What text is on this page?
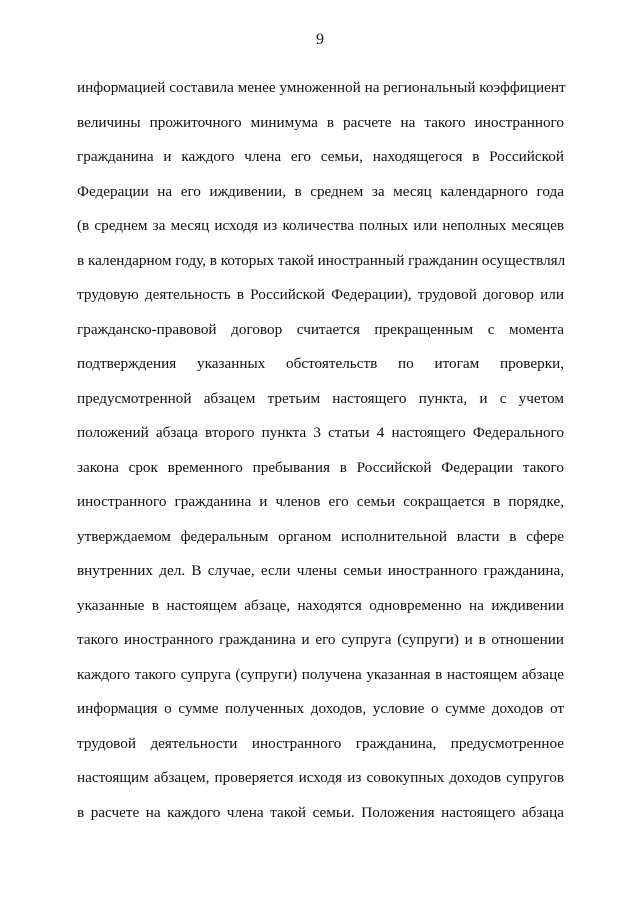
9
информацией составила менее умноженной на региональный коэффициент
величины прожиточного минимума в расчете на такого иностранного
гражданина и каждого члена его семьи, находящегося в Российской
Федерации на его иждивении, в среднем за месяц календарного года
(в среднем за месяц исходя из количества полных или неполных месяцев
в календарном году, в которых такой иностранный гражданин осуществлял
трудовую деятельность в Российской Федерации), трудовой договор или
гражданско-правовой договор считается прекращенным с момента
подтверждения указанных обстоятельств по итогам проверки,
предусмотренной абзацем третьим настоящего пункта, и с учетом
положений абзаца второго пункта 3 статьи 4 настоящего Федерального
закона срок временного пребывания в Российской Федерации такого
иностранного гражданина и членов его семьи сокращается в порядке,
утверждаемом федеральным органом исполнительной власти в сфере
внутренних дел. В случае, если члены семьи иностранного гражданина,
указанные в настоящем абзаце, находятся одновременно на иждивении
такого иностранного гражданина и его супруга (супруги) и в отношении
каждого такого супруга (супруги) получена указанная в настоящем абзаце
информация о сумме полученных доходов, условие о сумме доходов от
трудовой деятельности иностранного гражданина, предусмотренное
настоящим абзацем, проверяется исходя из совокупных доходов супругов
в расчете на каждого члена такой семьи. Положения настоящего абзаца
